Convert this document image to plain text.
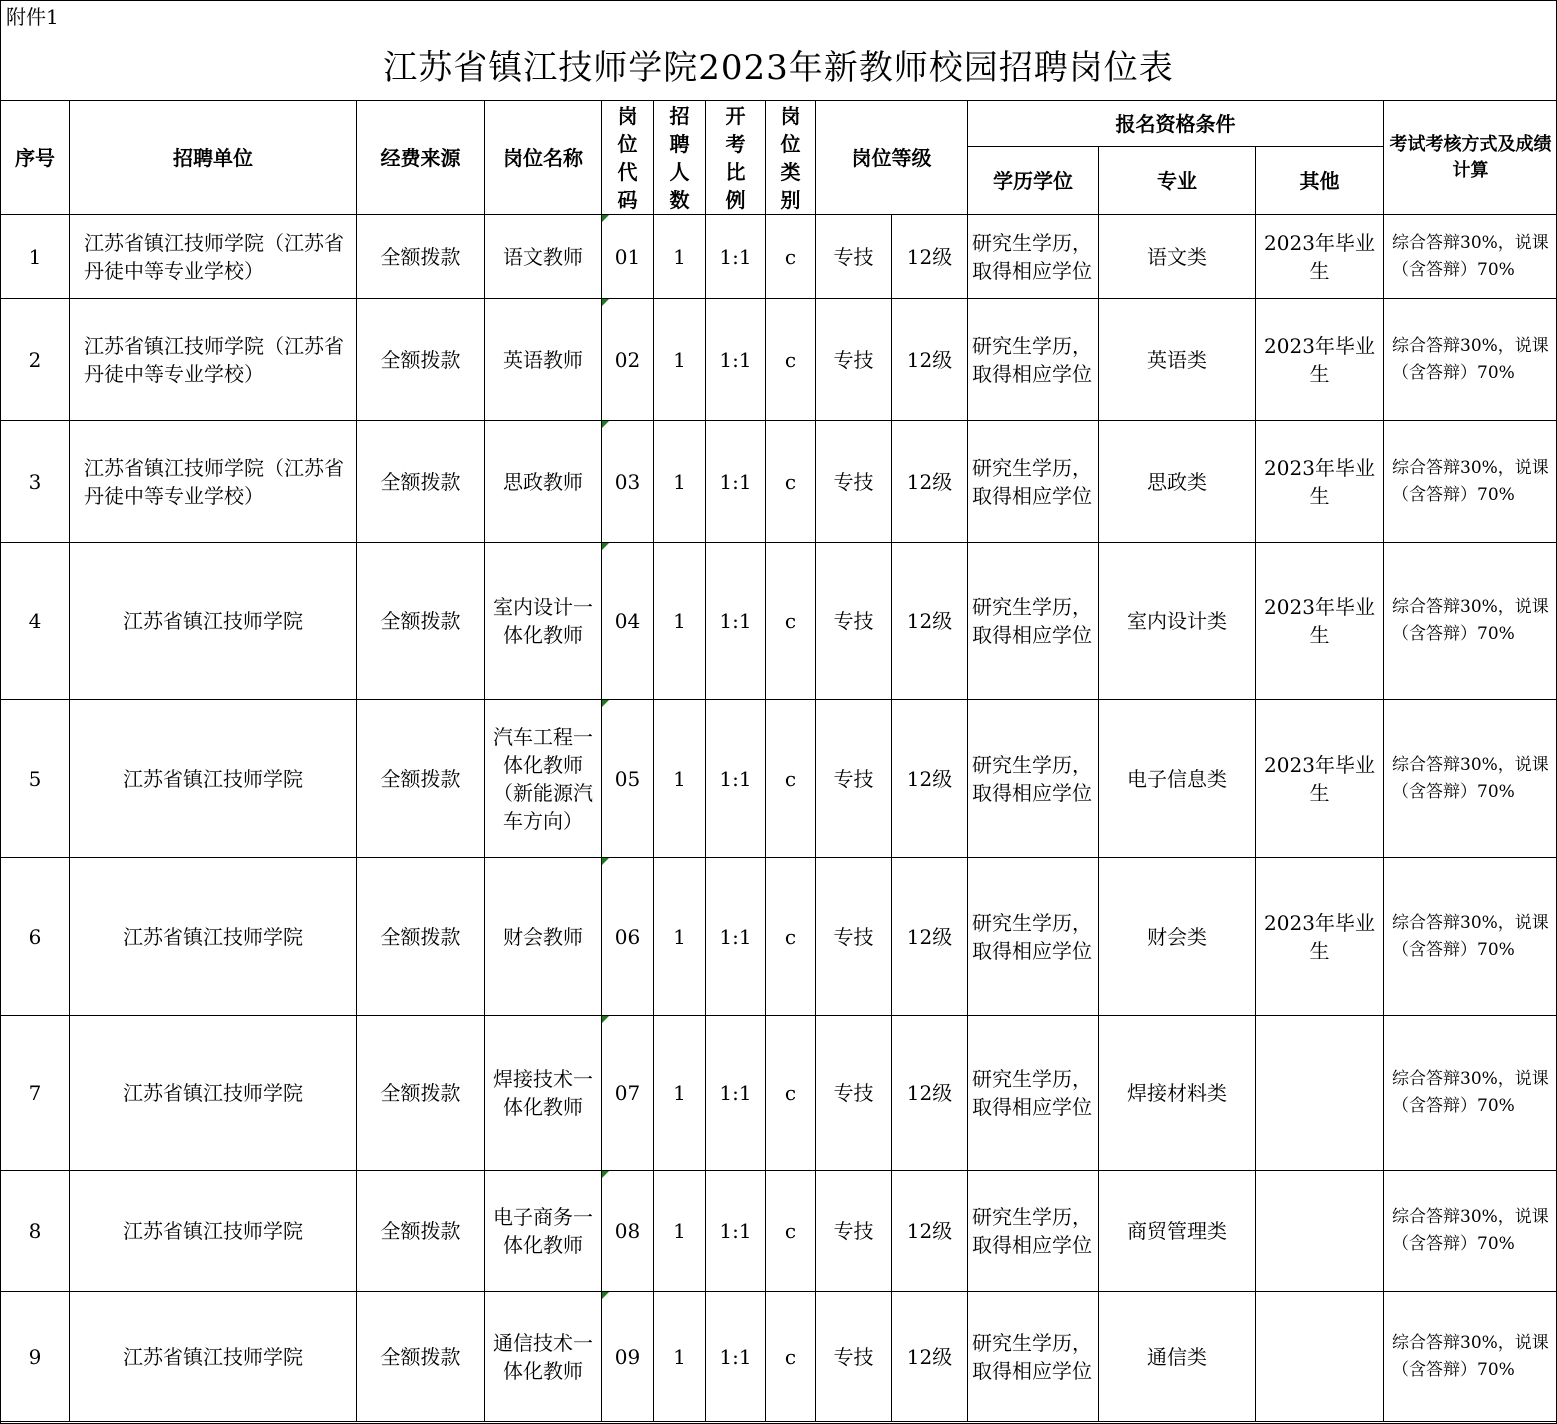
附件1
江苏省镇江技师学院2023年新教师校园招聘岗位表
序号	招聘单位	经费来源	岗位名称	岗位代码	招聘人数	开考比例	岗位类别	岗位等级		报名资格条件			考试考核方式及成绩计算
										学历学位	专业	其他	
1	江苏省镇江技师学院（江苏省丹徒中等专业学校）	全额拨款	语文教师	01	1	1:1	c	专技	12级	研究生学历，取得相应学位	语文类	2023年毕业生	综合答辩30%，说课（含答辩）70%
2	江苏省镇江技师学院（江苏省丹徒中等专业学校）	全额拨款	英语教师	02	1	1:1	c	专技	12级	研究生学历，取得相应学位	英语类	2023年毕业生	综合答辩30%，说课（含答辩）70%
3	江苏省镇江技师学院（江苏省丹徒中等专业学校）	全额拨款	思政教师	03	1	1:1	c	专技	12级	研究生学历，取得相应学位	思政类	2023年毕业生	综合答辩30%，说课（含答辩）70%
4	江苏省镇江技师学院	全额拨款	室内设计一体化教师	04	1	1:1	c	专技	12级	研究生学历，取得相应学位	室内设计类	2023年毕业生	综合答辩30%，说课（含答辩）70%
5	江苏省镇江技师学院	全额拨款	汽车工程一体化教师（新能源汽车方向）	05	1	1:1	c	专技	12级	研究生学历，取得相应学位	电子信息类	2023年毕业生	综合答辩30%，说课（含答辩）70%
6	江苏省镇江技师学院	全额拨款	财会教师	06	1	1:1	c	专技	12级	研究生学历，取得相应学位	财会类	2023年毕业生	综合答辩30%，说课（含答辩）70%
7	江苏省镇江技师学院	全额拨款	焊接技术一体化教师	07	1	1:1	c	专技	12级	研究生学历，取得相应学位	焊接材料类		综合答辩30%，说课（含答辩）70%
8	江苏省镇江技师学院	全额拨款	电子商务一体化教师	08	1	1:1	c	专技	12级	研究生学历，取得相应学位	商贸管理类		综合答辩30%，说课（含答辩）70%
9	江苏省镇江技师学院	全额拨款	通信技术一体化教师	09	1	1:1	c	专技	12级	研究生学历，取得相应学位	通信类		综合答辩30%，说课（含答辩）70%
